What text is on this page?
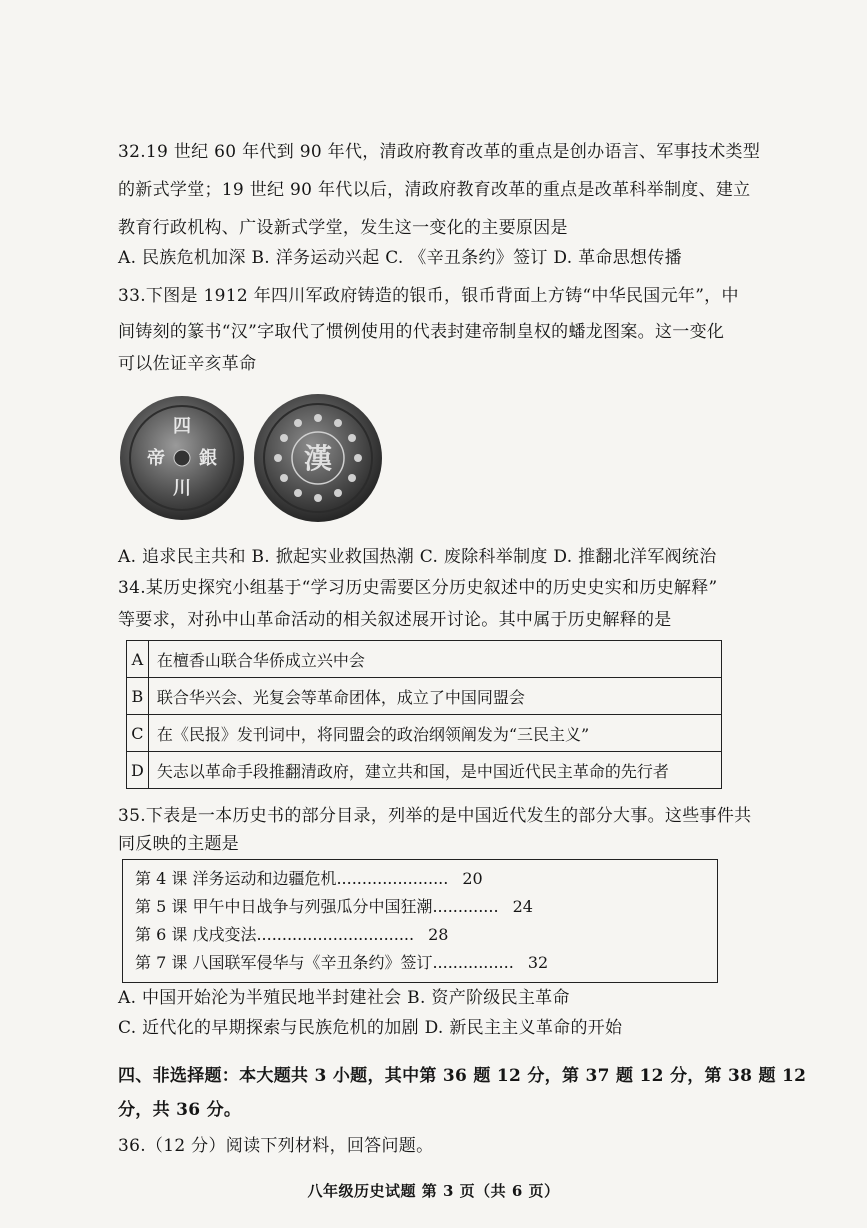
32.19 世纪 60 年代到 90 年代，清政府教育改革的重点是创办语言、军事技术类型
的新式学堂；19 世纪 90 年代以后，清政府教育改革的重点是改革科举制度、建立
教育行政机构、广设新式学堂，发生这一变化的主要原因是
A. 民族危机加深 B. 洋务运动兴起 C. 《辛丑条约》签订 D. 革命思想传播
33.下图是 1912 年四川军政府铸造的银币，银币背面上方铸“中华民国元年”，中
间铸刻的篆书“汉”字取代了惯例使用的代表封建帝制皇权的蟠龙图案。这一变化
可以佐证辛亥革命
四
銀
川
帝	漢
A. 追求民主共和 B. 掀起实业救国热潮 C. 废除科举制度 D. 推翻北洋军阀统治
34.某历史探究小组基于“学习历史需要区分历史叙述中的历史史实和历史解释”
等要求，对孙中山革命活动的相关叙述展开讨论。其中属于历史解释的是
A	在檀香山联合华侨成立兴中会
B	联合华兴会、光复会等革命团体，成立了中国同盟会
C	在《民报》发刊词中，将同盟会的政治纲领阐发为“三民主义”
D	矢志以革命手段推翻清政府，建立共和国，是中国近代民主革命的先行者
35.下表是一本历史书的部分目录，列举的是中国近代发生的部分大事。这些事件共
同反映的主题是
第 4 课 洋务运动和边疆危机...................... 20
第 5 课 甲午中日战争与列强瓜分中国狂潮............. 24
第 6 课 戊戌变法............................... 28
第 7 课 八国联军侵华与《辛丑条约》签订................ 32
A. 中国开始沦为半殖民地半封建社会 B. 资产阶级民主革命
C. 近代化的早期探索与民族危机的加剧 D. 新民主主义革命的开始
四、非选择题：本大题共 3 小题，其中第 36 题 12 分，第 37 题 12 分，第 38 题 12
分，共 36 分。
36.（12 分）阅读下列材料，回答问题。
八年级历史试题 第 3 页（共 6 页）
